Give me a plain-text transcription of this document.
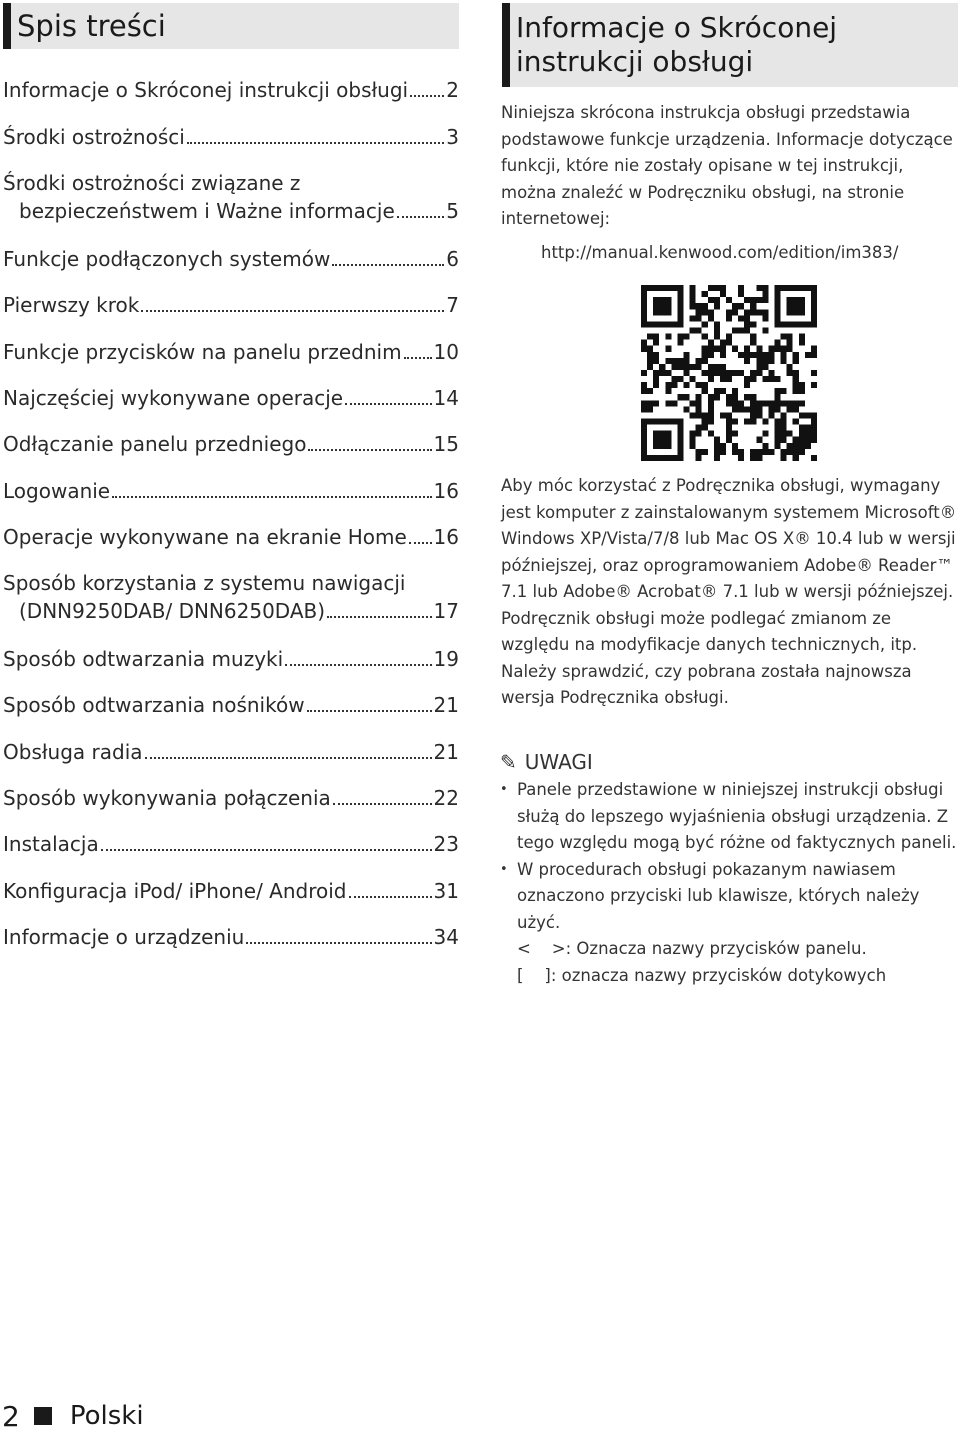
Spis treści
Informacje o Skróconej instrukcji obsługi 2
Środki ostrożności	3
Środki ostrożności związane z
bezpieczeństwem i Ważne informacje	5
Funkcje podłączonych systemów	6
Pierwszy krok	7
Funkcje przycisków na panelu przednim 10
Najczęściej wykonywane operacje	14
Odłączanie panelu przedniego	15
Logowanie	16
Operacje wykonywane na ekranie Home 16
Sposób korzystania z systemu nawigacji
(DNN9250DAB/ DNN6250DAB)	17
Sposób odtwarzania muzyki	19
Sposób odtwarzania nośników	21
Obsługa radia	21
Sposób wykonywania połączenia	22
Instalacja	23
Konfiguracja iPod/ iPhone/ Android	31
Informacje o urządzeniu	34
Informacje o Skróconej instrukcji obsługi
Niniejsza skrócona instrukcja obsługi przedstawia podstawowe funkcje urządzenia. Informacje dotyczące funkcji, które nie zostały opisane w tej instrukcji, można znaleźć w Podręczniku obsługi, na stronie internetowej:
http://manual.kenwood.com/edition/im383/
Aby móc korzystać z Podręcznika obsługi, wymagany jest komputer z zainstalowanym systemem Microsoft® Windows XP/Vista/7/8 lub Mac OS X® 10.4 lub w wersji późniejszej, oraz oprogramowaniem Adobe® Reader™ 7.1 lub Adobe® Acrobat® 7.1 lub w wersji późniejszej. Podręcznik obsługi może podlegać zmianom ze względu na modyfikacje danych technicznych, itp. Należy sprawdzić, czy pobrana została najnowsza wersja Podręcznika obsługi.
✎ UWAGI
• Panele przedstawione w niniejszej instrukcji obsługi służą do lepszego wyjaśnienia obsługi urządzenia. Z tego względu mogą być różne od faktycznych paneli.
• W procedurach obsługi pokazanym nawiasem oznaczono przyciski lub klawisze, których należy użyć.
<    >: Oznacza nazwy przycisków panelu.
[    ]: oznacza nazwy przycisków dotykowych
2 Polski
